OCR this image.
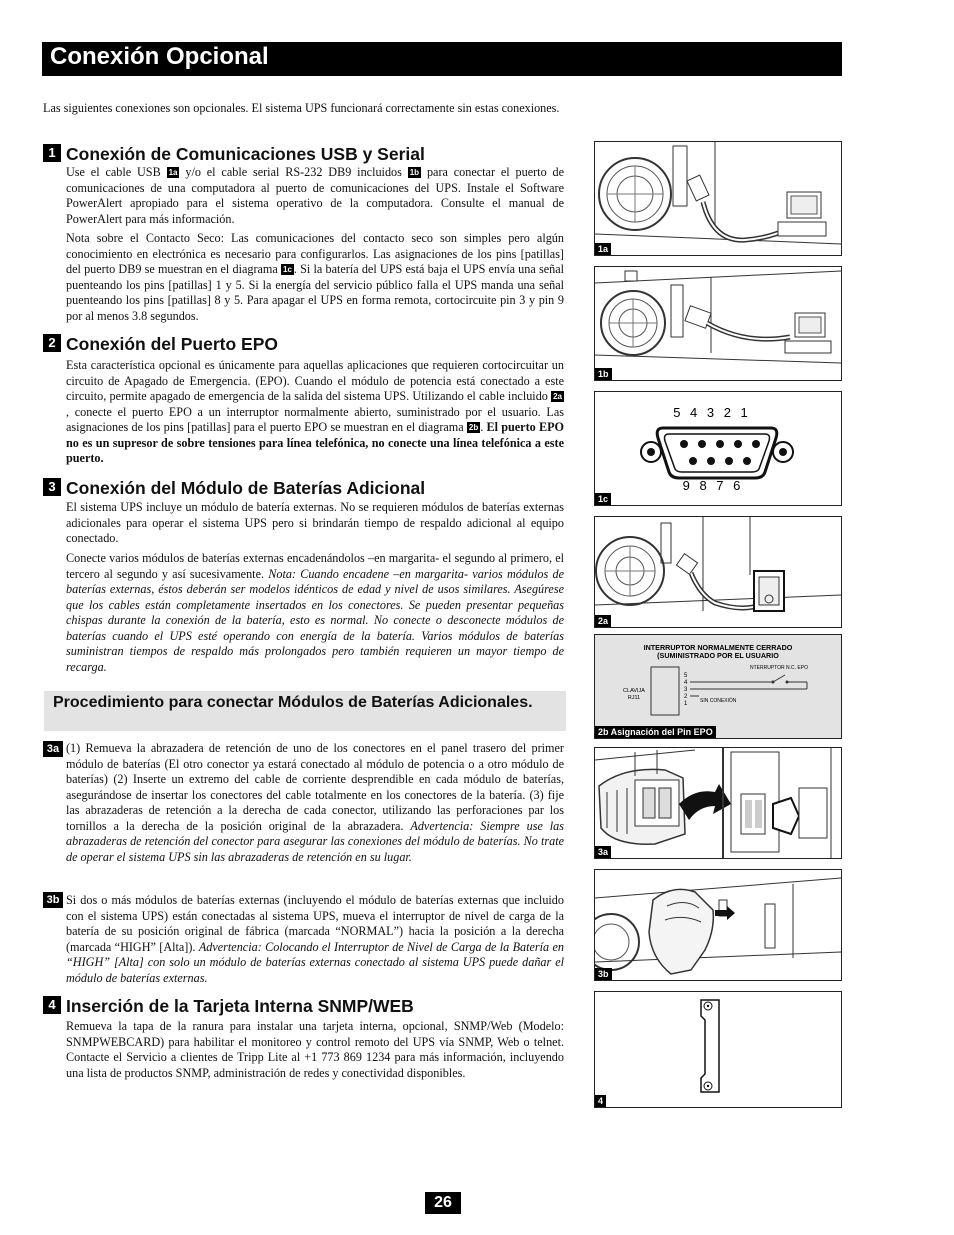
Conexión Opcional

Las siguientes conexiones son opcionales. El sistema UPS funcionará correctamente sin estas conexiones.

1 Conexión de Comunicaciones USB y Serial

Use el cable USB 1a y/o el cable serial RS-232 DB9 incluidos 1b para conectar el puerto de comunicaciones de una computadora al puerto de comunicaciones del UPS. Instale el Software PowerAlert apropiado para el sistema operativo de la computadora. Consulte el manual de PowerAlert para más información.

Nota sobre el Contacto Seco: Las comunicaciones del contacto seco son simples pero algún conocimiento en electrónica es necesario para configurarlos. Las asignaciones de los pins [patillas] del puerto DB9 se muestran en el diagrama 1c . Si la batería del UPS está baja el UPS envía una señal puenteando los pins [patillas] 1 y 5. Si la energía del servicio público falla el UPS manda una señal puenteando los pins [patillas] 8 y 5. Para apagar el UPS en forma remota, cortocircuite pin 3 y pin 9 por al menos 3.8 segundos.

2 Conexión del Puerto EPO

Esta característica opcional es únicamente para aquellas aplicaciones que requieren cortocircuitar un circuito de Apagado de Emergencia. (EPO). Cuando el módulo de potencia está conectado a este circuito, permite apagado de emergencia de la salida del sistema UPS. Utilizando el cable incluido 2a, conecte el puerto EPO a un interruptor normalmente abierto, suministrado por el usuario. Las asignaciones de los pins [patillas] para el puerto EPO se muestran en el diagrama 2b . El puerto EPO no es un supresor de sobre tensiones para línea telefónica, no conecte una línea telefónica a este puerto.

3 Conexión del Módulo de Baterías Adicional

El sistema UPS incluye un módulo de batería externas. No se requieren módulos de baterías externas adicionales para operar el sistema UPS pero si brindarán tiempo de respaldo adicional al equipo conectado.

Conecte varios módulos de baterías externas encadenándolos –en margarita- el segundo al primero, el tercero al segundo y así sucesivamente. Nota: Cuando encadene –en margarita- varios módulos de baterías externas, éstos deberán ser modelos idénticos de edad y nivel de usos similares. Asegúrese que los cables están completamente insertados en los conectores. Se pueden presentar pequeñas chispas durante la conexión de la batería, esto es normal. No conecte o desconecte módulos de baterías cuando el UPS esté operando con energía de la batería. Varios módulos de baterías suministran tiempos de respaldo más prolongados pero también requieren un mayor tiempo de recarga.

Procedimiento para conectar Módulos de Baterías Adicionales.
3a (1) Remueva la abrazadera de retención de uno de los conectores en el panel trasero del primer módulo de baterías (El otro conector ya estará conectado al módulo de potencia o a otro módulo de baterías) (2) Inserte un extremo del cable de corriente desprendible en cada módulo de baterías, asegurándose de insertar los conectores del cable totalmente en los conectores de la batería. (3) fije las abrazaderas de retención a la derecha de cada conector, utilizando las perforaciones par los tornillos a la derecha de la posición original de la abrazadera. Advertencia: Siempre use las abrazaderas de retención del conector para asegurar las conexiones del módulo de baterías. No trate de operar el sistema UPS sin las abrazaderas de retención en su lugar.

3b Si dos o más módulos de baterías externas (incluyendo el módulo de baterías externas que incluido con el sistema UPS) están conectadas al sistema UPS, mueva el interruptor de nivel de carga de la batería de su posición original de fábrica (marcada “NORMAL”) hacia la posición a la derecha (marcada “HIGH” [Alta]). Advertencia: Colocando el Interruptor de Nivel de Carga de la Batería en “HIGH” [Alta] con solo un módulo de baterías externas conectado al sistema UPS puede dañar el módulo de baterías externas.

4 Inserción de la Tarjeta Interna SNMP/WEB

Remueva la tapa de la ranura para instalar una tarjeta interna, opcional, SNMP/Web (Modelo: SNMPWEBCARD) para habilitar el monitoreo y control remoto del UPS vía SNMP, Web o telnet. Contacte el Servicio a clientes de Tripp Lite al +1 773 869 1234 para más información, incluyendo una lista de productos SNMP, administración de redes y conectividad disponibles.

1a
1b
5 4 3 2 1
9 8 7 6
1c
2a
INTERRUPTOR NORMALMENTE CERRADO
(SUMINISTRADO POR EL USUARIO
NTERRUPTOR N.C. EPO
CLAVIJA
RJ11
5
4
3
2
1	SIN CONEXIÓN
2b Asignación del Pin EPO
3a
3b
4
26
